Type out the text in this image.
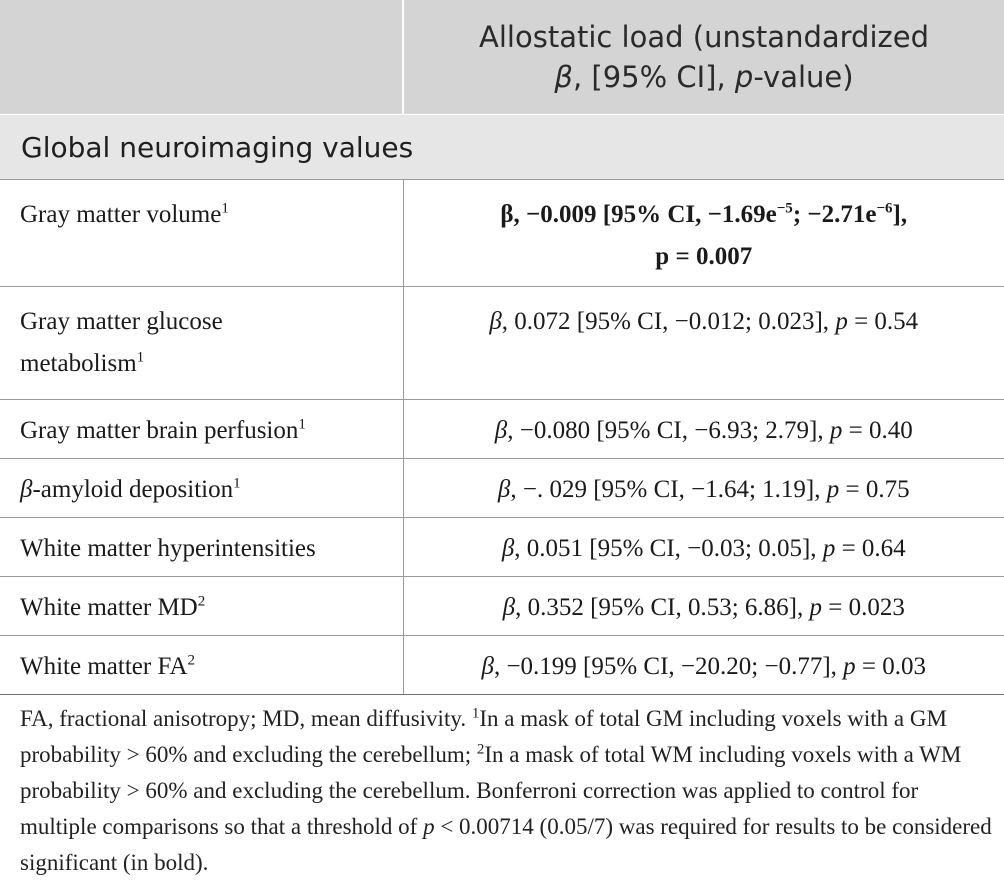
	Allostatic load (unstandardized
β, [95% CI], p-value)

Global neuroimaging values	
Gray matter volume$^1$	β, −0.009 [95% CI, $-1.69e^{-5}$; $-2.71e^{-6}$],
p = 0.007
Gray matter glucose
metabolism$^1$	β, 0.072 [95% CI, −0.012; 0.023], p = 0.54
Gray matter brain perfusion$^1$	β, −0.080 [95% CI, −6.93; 2.79], p = 0.40
β-amyloid deposition$^1$	β, −. 029 [95% CI, −1.64; 1.19], p = 0.75
White matter hyperintensities	β, 0.051 [95% CI, −0.03; 0.05], p = 0.64
White matter $MD^2$	β, 0.352 [95% CI, 0.53; 6.86], p = 0.023
White matter $FA^2$	β, −0.199 [95% CI, −20.20; −0.77], p = 0.03

FA, fractional anisotropy; MD, mean diffusivity. $^1$In a mask of total GM including voxels with a GM probability > 60% and excluding the cerebellum; $^2$In a mask of total WM including voxels with a WM probability > 60% and excluding the cerebellum. Bonferroni correction was applied to control for multiple comparisons so that a threshold of p < 0.00714 (0.05/7) was required for results to be considered significant (in bold).
